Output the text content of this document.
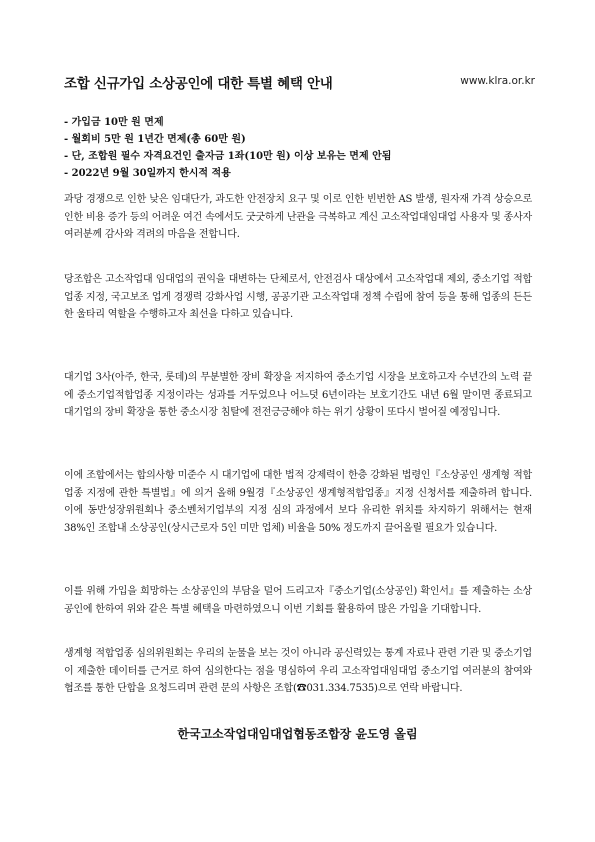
조합 신규가입 소상공인에 대한 특별 혜택 안내	www.klra.or.kr
- 가입금 10만 원 면제
- 월회비 5만 원 1년간 면제(총 60만 원)
- 단, 조합원 필수 자격요건인 출자금 1좌(10만 원) 이상 보유는 면제 안됨
- 2022년 9월 30일까지 한시적 적용
과당 경쟁으로 인한 낮은 임대단가, 과도한 안전장치 요구 및 이로 인한 빈번한 AS 발생, 원자재 가격 상승으로 인한 비용 증가 등의 어려운 여건 속에서도 굿굿하게 난관을 극복하고 계신 고소작업대임대업 사용자 및 종사자 여러분께 감사와 격려의 마음을 전합니다.
당조합은 고소작업대 임대업의 권익을 대변하는 단체로서, 안전검사 대상에서 고소작업대 제외, 중소기업 적합업종 지정, 국고보조 업게 경쟁력 강화사업 시행, 공공기관 고소작업대 정책 수립에 참여 등을 통해 업종의 든든한 울타리 역할을 수행하고자 최선을 다하고 있습니다.
대기업 3사(아주, 한국, 롯데)의 무분별한 장비 확장을 저지하여 중소기업 시장을 보호하고자 수년간의 노력 끝에 중소기업적합업종 지정이라는 성과를 거두었으나 어느덧 6년이라는 보호기간도 내년 6월 말이면 종료되고 대기업의 장비 확장을 통한 중소시장 침탈에 전전긍긍해야 하는 위기 상황이 또다시 벌어질 예정입니다.
이에 조합에서는 합의사항 미준수 시 대기업에 대한 법적 강제력이 한층 강화된 법령인『소상공인 생계형 적합업종 지정에 관한 특별법』에 의거 올해 9월경『소상공인 생계형적합업종』지정 신청서를 제출하려 합니다. 이에 동반성장위원회나 중소벤처기업부의 지정 심의 과정에서 보다 유리한 위치를 차지하기 위해서는 현재 38%인 조합내 소상공인(상시근로자 5인 미만 업체) 비율을 50% 정도까지 끌어올릴 필요가 있습니다.
이를 위해 가입을 희망하는 소상공인의 부담을 덜어 드리고자『중소기업(소상공인) 확인서』를 제출하는 소상공인에 한하여 위와 같은 특별 혜택을 마련하였으니 이번 기회를 활용하여 많은 가입을 기대합니다.
생계형 적합업종 심의위원회는 우리의 눈물을 보는 것이 아니라 공신력있는 통계 자료나 관련 기관 및 중소기업이 제출한 데이터를 근거로 하여 심의한다는 점을 명심하여 우리 고소작업대임대업 중소기업 여러분의 참여와 협조를 통한 단합을 요청드리며 관련 문의 사항은 조합(☎031.334.7535)으로 연락 바랍니다.
한국고소작업대임대업협동조합장 윤도영 올림
